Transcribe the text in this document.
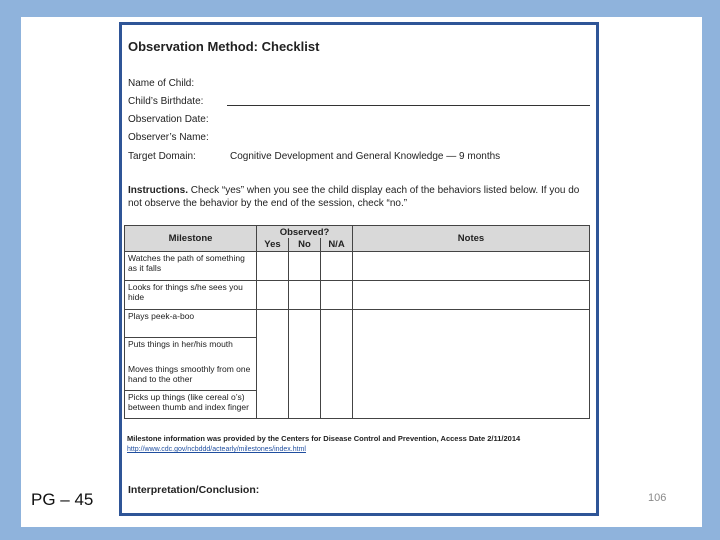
Observation Method: Checklist
Name of Child:
Child’s Birthdate:
Observation Date:
Observer’s Name:
Target Domain:	Cognitive Development and General Knowledge — 9 months
Instructions. Check “yes” when you see the child display each of the behaviors listed below. If you do not observe the behavior by the end of the session, check “no.”
Milestone	Observed?			Notes
	Yes	No	N/A	
Watches the path of something as it falls				
Looks for things s/he sees you hide				
Plays peek-a-boo				
Puts things in her/his mouth				
Moves things smoothly from one hand to the other				
Picks up things (like cereal o’s) between thumb and index finger				
Milestone information was provided by the Centers for Disease Control and Prevention, Access Date 2/11/2014
http://www.cdc.gov/ncbddd/actearly/milestones/index.html
Interpretation/Conclusion:
PG – 45	106
